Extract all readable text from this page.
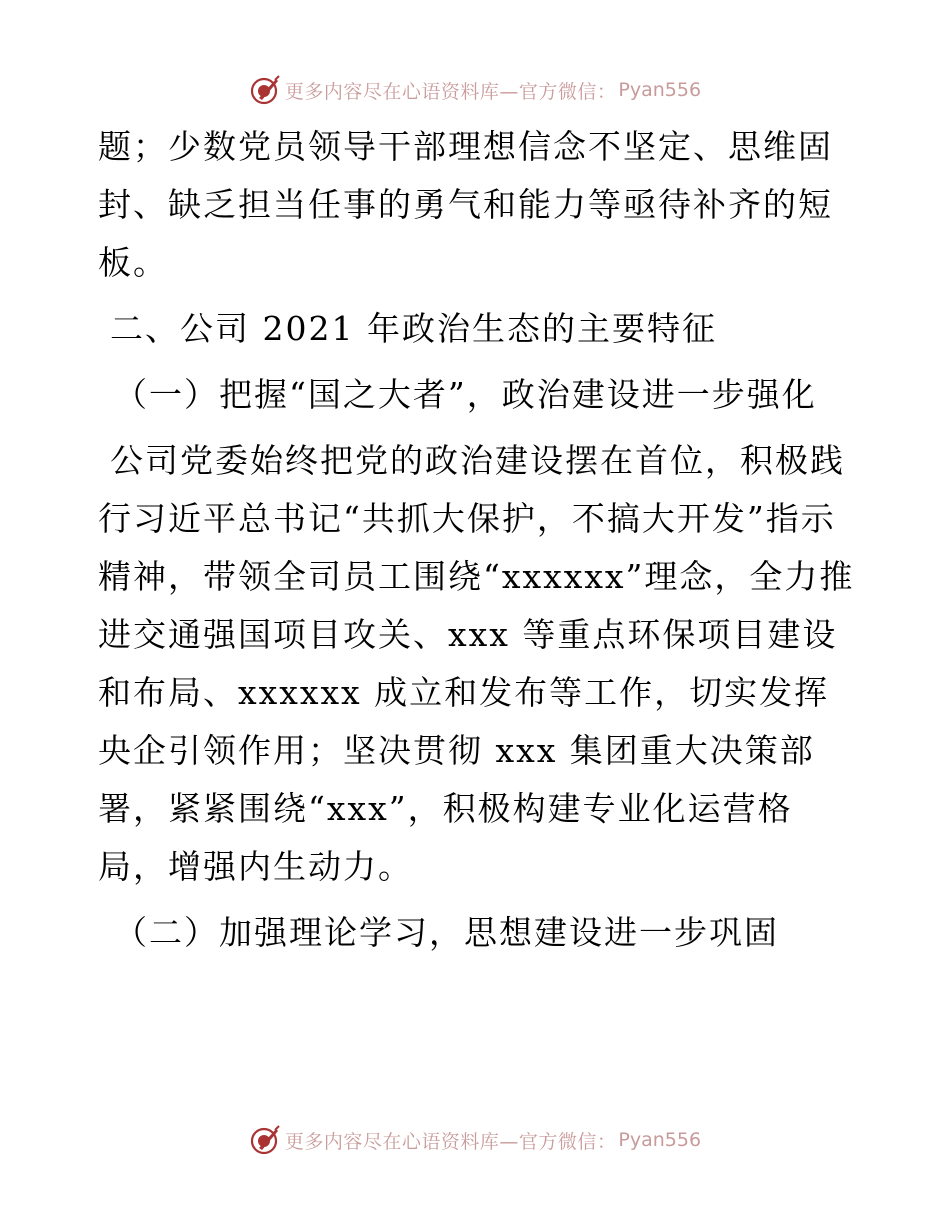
更多内容尽在心语资料库—官方微信： Pyan556

题；少数党员领导干部理想信念不坚定、思维固封、缺乏担当任事的勇气和能力等亟待补齐的短板。

二、公司 2021 年政治生态的主要特征

（一）把握“国之大者”，政治建设进一步强化

公司党委始终把党的政治建设摆在首位，积极践行习近平总书记“共抓大保护，不搞大开发”指示精神，带领全司员工围绕“xxxxxx”理念，全力推进交通强国项目攻关、xxx 等重点环保项目建设和布局、xxxxxx 成立和发布等工作，切实发挥央企引领作用；坚决贯彻 xxx 集团重大决策部署，紧紧围绕“xxx”，积极构建专业化运营格局，增强内生动力。

（二）加强理论学习，思想建设进一步巩固

更多内容尽在心语资料库—官方微信： Pyan556
